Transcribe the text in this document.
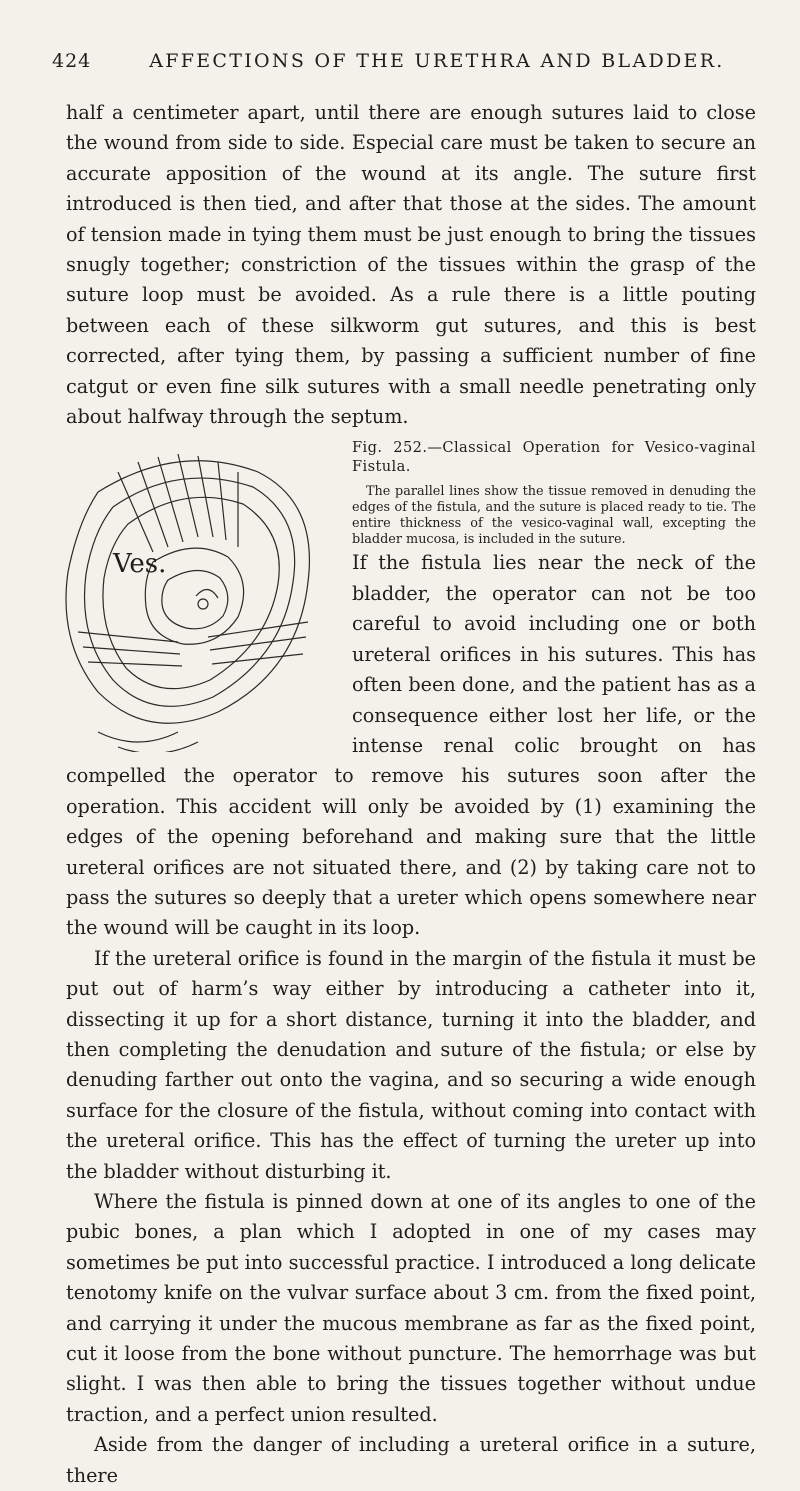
424	AFFECTIONS OF THE URETHRA AND BLADDER.

half a centimeter apart, until there are enough sutures laid to close the wound from side to side. Especial care must be taken to secure an accurate apposition of the wound at its angle. The suture first introduced is then tied, and after that those at the sides. The amount of tension made in tying them must be just enough to bring the tissues snugly together; constriction of the tissues within the grasp of the suture loop must be avoided. As a rule there is a little pouting between each of these silkworm gut sutures, and this is best corrected, after tying them, by passing a sufficient number of fine catgut or even fine silk sutures with a small needle penetrating only about halfway through the septum.

Ves.

Fig. 252.—Classical Operation for Vesico-vaginal Fistula.
The parallel lines show the tissue removed in denuding the edges of the fistula, and the suture is placed ready to tie. The entire thickness of the vesico-vaginal wall, excepting the bladder mucosa, is included in the suture.
If the fistula lies near the neck of the bladder, the operator can not be too careful to avoid including one or both ureteral orifices in his sutures. This has often been done, and the patient has as a consequence either lost her life, or the intense renal colic brought on has compelled the operator to remove his sutures soon after the operation. This accident will only be avoided by (1) examining the edges of the opening beforehand and making sure that the little ureteral orifices are not situated there, and (2) by taking care not to pass the sutures so deeply that a ureter which opens somewhere near the wound will be caught in its loop.

If the ureteral orifice is found in the margin of the fistula it must be put out of harm’s way either by introducing a catheter into it, dissecting it up for a short distance, turning it into the bladder, and then completing the denudation and suture of the fistula; or else by denuding farther out onto the vagina, and so securing a wide enough surface for the closure of the fistula, without coming into contact with the ureteral orifice. This has the effect of turning the ureter up into the bladder without disturbing it.

Where the fistula is pinned down at one of its angles to one of the pubic bones, a plan which I adopted in one of my cases may sometimes be put into successful practice. I introduced a long delicate tenotomy knife on the vulvar surface about 3 cm. from the fixed point, and carrying it under the mucous membrane as far as the fixed point, cut it loose from the bone without puncture. The hemorrhage was but slight. I was then able to bring the tissues together without undue traction, and a perfect union resulted.

Aside from the danger of including a ureteral orifice in a suture, there
